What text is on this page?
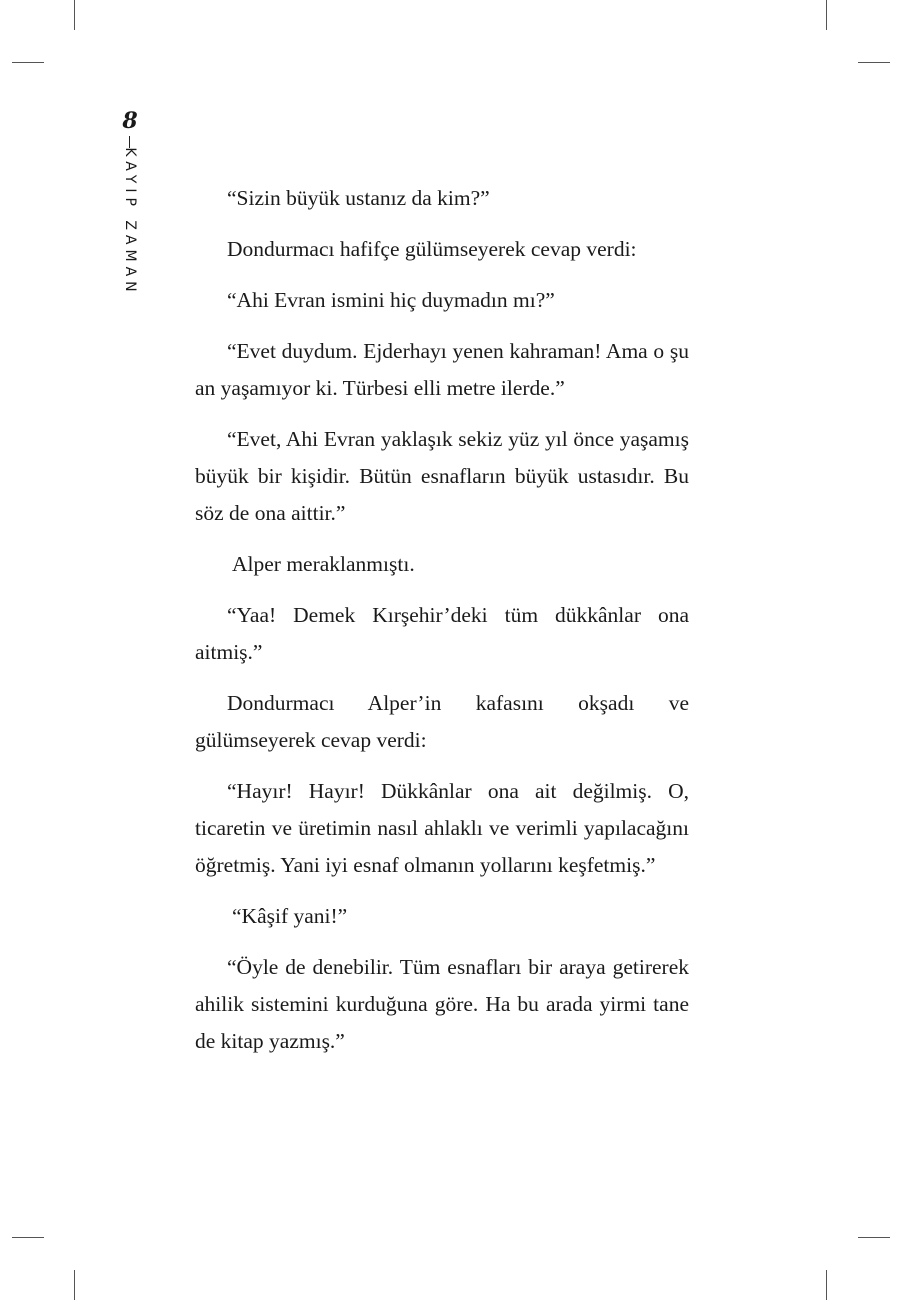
8
KAYIP ZAMAN	“Sizin büyük ustanız da kim?”

Dondurmacı hafifçe gülümseyerek cevap verdi:

“Ahi Evran ismini hiç duymadın mı?”

“Evet duydum. Ejderhayı yenen kahraman! Ama o şu an yaşamıyor ki. Türbesi elli metre ilerde.”

“Evet, Ahi Evran yaklaşık sekiz yüz yıl önce yaşamış büyük bir kişidir. Bütün esnafların büyük ustasıdır. Bu söz de ona aittir.”

Alper meraklanmıştı.

“Yaa! Demek Kırşehir’deki tüm dükkânlar ona aitmiş.”

Dondurmacı Alper’in kafasını okşadı ve gülümseyerek cevap verdi:

“Hayır! Hayır! Dükkânlar ona ait değilmiş. O, ticaretin ve üretimin nasıl ahlaklı ve verimli yapılacağını öğretmiş. Yani iyi esnaf olmanın yollarını keşfetmiş.”

“Kâşif yani!”

“Öyle de denebilir. Tüm esnafları bir araya getirerek ahilik sistemini kurduğuna göre. Ha bu arada yirmi tane de kitap yazmış.”
